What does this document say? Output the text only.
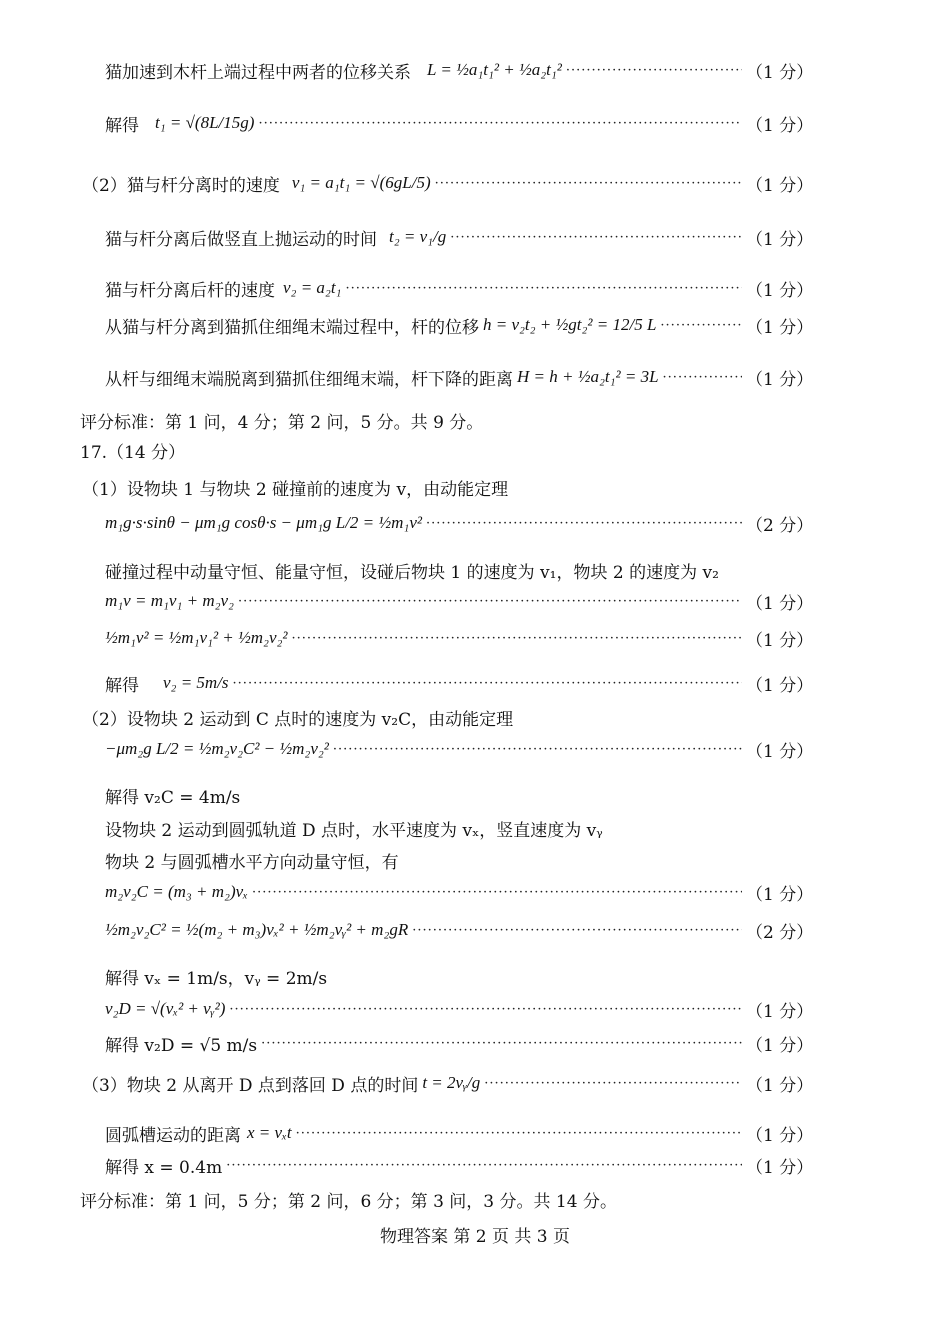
猫加速到木杆上端过程中两者的位移关系 L = ½a₁t₁² + ½a₂t₁² ·····	（1 分）
解得 t₁ = √(8L/15g) ·····	（1 分）
（2）猫与杆分离时的速度 v₁ = a₁t₁ = √(6gL/5) ·····	（1 分）
猫与杆分离后做竖直上抛运动的时间 t₂ = v₁/g ·····	（1 分）
猫与杆分离后杆的速度 v₂ = a₂t₁ ·····	（1 分）
从猫与杆分离到猫抓住细绳末端过程中，杆的位移 h = v₂t₂ + ½gt₂² = 12/5 L ·····	（1 分）
从杆与细绳末端脱离到猫抓住细绳末端，杆下降的距离 H = h + ½a₂t₁² = 3L ·····	（1 分）
评分标准：第 1 问，4 分；第 2 问，5 分。共 9 分。
17.（14 分）
（1）设物块 1 与物块 2 碰撞前的速度为 v，由动能定理
m₁g·s·sinθ − μm₁g cosθ·s − μm₁g L/2 = ½m₁v² ·····	（2 分）
碰撞过程中动量守恒、能量守恒，设碰后物块 1 的速度为 v₁，物块 2 的速度为 v₂
m₁v = m₁v₁ + m₂v₂ ·····	（1 分）
½m₁v² = ½m₁v₁² + ½m₂v₂² ·····	（1 分）
解得 v₂ = 5m/s ·····	（1 分）
（2）设物块 2 运动到 C 点时的速度为 v₂C，由动能定理
−μm₂g L/2 = ½m₂v₂C² − ½m₂v₂² ·····	（1 分）
解得 v₂C = 4m/s
设物块 2 运动到圆弧轨道 D 点时，水平速度为 vₓ，竖直速度为 vᵧ
物块 2 与圆弧槽水平方向动量守恒，有
m₂v₂C = (m₃ + m₂)vₓ ·····	（1 分）
½m₂v₂C² = ½(m₂ + m₃)vₓ² + ½m₂vᵧ² + m₂gR ·····	（2 分）
解得 vₓ = 1m/s，vᵧ = 2m/s
v₂D = √(vₓ² + vᵧ²) ·····	（1 分）
解得 v₂D = √5 m/s ·····	（1 分）
（3）物块 2 从离开 D 点到落回 D 点的时间 t = 2vᵧ/g ·····	（1 分）
圆弧槽运动的距离 x = vₓt ·····	（1 分）
解得 x = 0.4m ·····	（1 分）
评分标准：第 1 问，5 分；第 2 问，6 分；第 3 问，3 分。共 14 分。
物理答案 第 2 页 共 3 页
